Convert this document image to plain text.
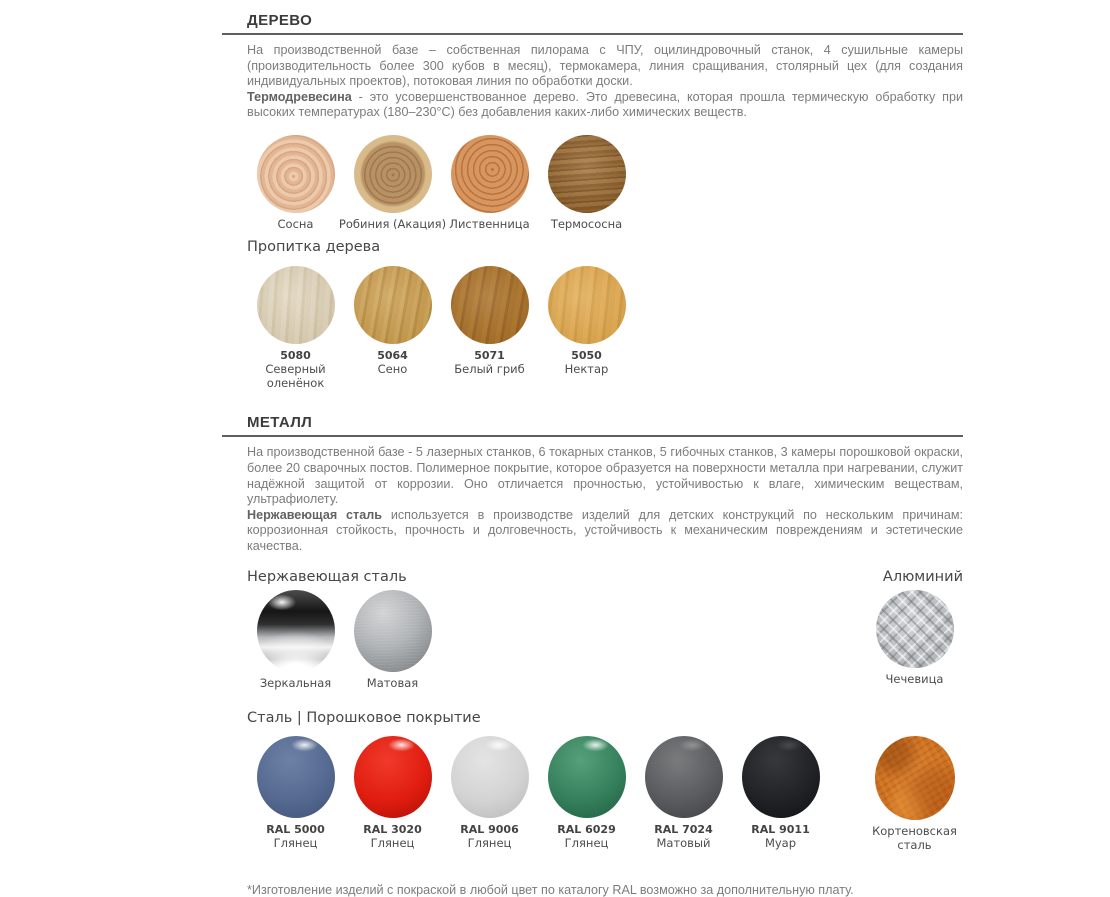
ДЕРЕВО

На производственной базе – собственная пилорама с ЧПУ, оцилиндровочный станок, 4 сушильные камеры (производительность более 300 кубов в месяц), термокамера, линия сращивания, столярный цех (для создания индивидуальных проектов), потоковая линия по обработки доски.
Термодревесина - это усовершенствованное дерево. Это древесина, которая прошла термическую обработку при высоких температурах (180–230°С) без добавления каких-либо химических веществ.

Сосна Робиния (Акация) Лиственница Термососна
Пропитка дерева
5080
Северный оленёнок
5064
Сено
5071
Белый гриб
5050
Нектар
МЕТАЛЛ

На производственной базе - 5 лазерных станков, 6 токарных станков, 5 гибочных станков, 3 камеры порошковой окраски, более 20 сварочных постов. Полимерное покрытие, которое образуется на поверхности металла при нагревании, служит надёжной защитой от коррозии. Оно отличается прочностью, устойчивостью к влаге, химическим веществам, ультрафиолету.
Нержавеющая сталь используется в производстве изделий для детских конструкций по нескольким причинам: коррозионная стойкость, прочность и долговечность, устойчивость к механическим повреждениям и эстетические качества.

Нержавеющая сталь	Алюминий
Зеркальная	Матовая	Чечевица
Сталь | Порошковое покрытие
RAL 5000
Глянец
RAL 3020
Глянец
RAL 9006
Глянец
RAL 6029
Глянец
RAL 7024
Матовый
RAL 9011
Муар
Кортеновская сталь
*Изготовление изделий с покраской в любой цвет по каталогу RAL возможно за дополнительную плату.
